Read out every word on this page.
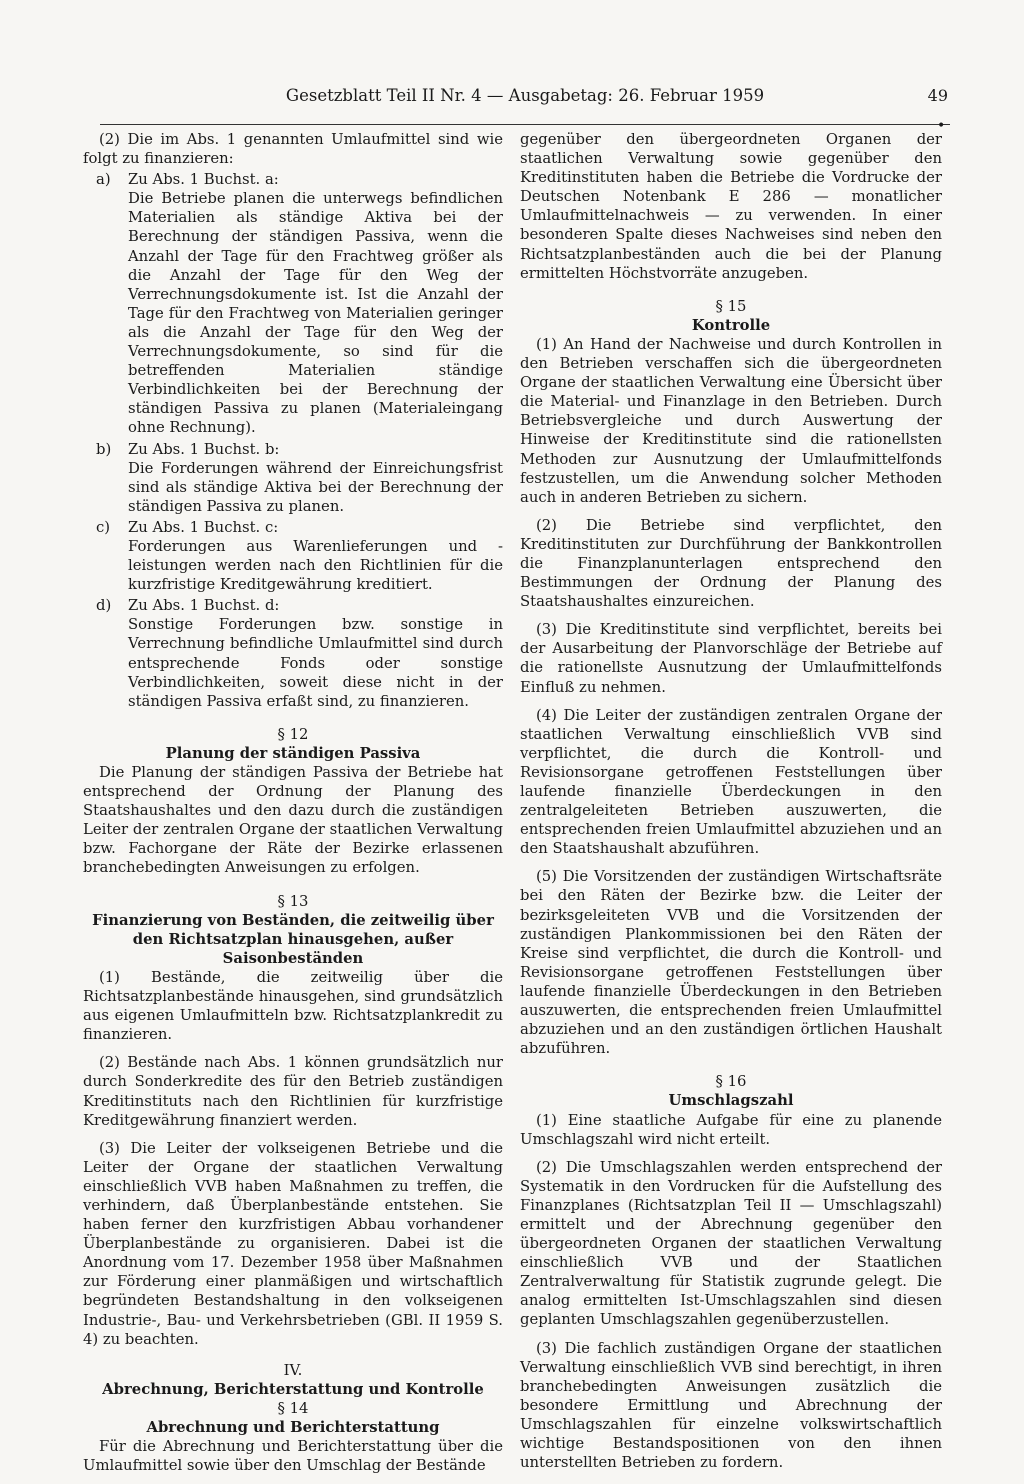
Gesetzblatt Teil II Nr. 4 — Ausgabetag: 26. Februar 1959	49
•

(2) Die im Abs. 1 genannten Umlaufmittel sind wie folgt zu finanzieren:

a)	Zu Abs. 1 Buchst. a:

Die Betriebe planen die unterwegs befindlichen Materialien als ständige Aktiva bei der Berechnung der ständigen Passiva, wenn die Anzahl der Tage für den Frachtweg größer als die Anzahl der Tage für den Weg der Verrechnungsdokumente ist. Ist die Anzahl der Tage für den Frachtweg von Materialien geringer als die Anzahl der Tage für den Weg der Verrechnungsdokumente, so sind für die betreffenden Materialien ständige Verbindlichkeiten bei der Berechnung der ständigen Passiva zu planen (Materialeingang ohne Rechnung).

b)	Zu Abs. 1 Buchst. b:

Die Forderungen während der Einreichungsfrist sind als ständige Aktiva bei der Berechnung der ständigen Passiva zu planen.

c)	Zu Abs. 1 Buchst. c:

Forderungen aus Warenlieferungen und -leistungen werden nach den Richtlinien für die kurzfristige Kreditgewährung kreditiert.

d)	Zu Abs. 1 Buchst. d:

Sonstige Forderungen bzw. sonstige in Verrechnung befindliche Umlaufmittel sind durch entsprechende Fonds oder sonstige Verbindlichkeiten, soweit diese nicht in der ständigen Passiva erfaßt sind, zu finanzieren.

§ 12

Planung der ständigen Passiva

Die Planung der ständigen Passiva der Betriebe hat entsprechend der Ordnung der Planung des Staatshaushaltes und den dazu durch die zuständigen Leiter der zentralen Organe der staatlichen Verwaltung bzw. Fachorgane der Räte der Bezirke erlassenen branchebedingten Anweisungen zu erfolgen.

§ 13

Finanzierung von Beständen, die zeitweilig über den Richtsatzplan hinausgehen, außer Saisonbeständen

(1) Bestände, die zeitweilig über die Richtsatzplanbestände hinausgehen, sind grundsätzlich aus eigenen Umlaufmitteln bzw. Richtsatzplankredit zu finanzieren.

(2) Bestände nach Abs. 1 können grundsätzlich nur durch Sonderkredite des für den Betrieb zuständigen Kreditinstituts nach den Richtlinien für kurzfristige Kreditgewährung finanziert werden.

(3) Die Leiter der volkseigenen Betriebe und die Leiter der Organe der staatlichen Verwaltung einschließlich VVB haben Maßnahmen zu treffen, die verhindern, daß Überplanbestände entstehen. Sie haben ferner den kurzfristigen Abbau vorhandener Überplanbestände zu organisieren. Dabei ist die Anordnung vom 17. Dezember 1958 über Maßnahmen zur Förderung einer planmäßigen und wirtschaftlich begründeten Bestandshaltung in den volkseigenen Industrie-, Bau- und Verkehrsbetrieben (GBl. II 1959 S. 4) zu beachten.

IV.

Abrechnung, Berichterstattung und Kontrolle

§ 14

Abrechnung und Berichterstattung

Für die Abrechnung und Berichterstattung über die Umlaufmittel sowie über den Umschlag der Bestände

gegenüber den übergeordneten Organen der staatlichen Verwaltung sowie gegenüber den Kreditinstituten haben die Betriebe die Vordrucke der Deutschen Notenbank E 286 — monatlicher Umlaufmittelnachweis — zu verwenden. In einer besonderen Spalte dieses Nachweises sind neben den Richtsatzplanbeständen auch die bei der Planung ermittelten Höchstvorräte anzugeben.

§ 15

Kontrolle

(1) An Hand der Nachweise und durch Kontrollen in den Betrieben verschaffen sich die übergeordneten Organe der staatlichen Verwaltung eine Übersicht über die Material- und Finanzlage in den Betrieben. Durch Betriebsvergleiche und durch Auswertung der Hinweise der Kreditinstitute sind die rationellsten Methoden zur Ausnutzung der Umlaufmittelfonds festzustellen, um die Anwendung solcher Methoden auch in anderen Betrieben zu sichern.

(2) Die Betriebe sind verpflichtet, den Kreditinstituten zur Durchführung der Bankkontrollen die Finanzplanunterlagen entsprechend den Bestimmungen der Ordnung der Planung des Staatshaushaltes einzureichen.

(3) Die Kreditinstitute sind verpflichtet, bereits bei der Ausarbeitung der Planvorschläge der Betriebe auf die rationellste Ausnutzung der Umlaufmittelfonds Einfluß zu nehmen.

(4) Die Leiter der zuständigen zentralen Organe der staatlichen Verwaltung einschließlich VVB sind verpflichtet, die durch die Kontroll- und Revisionsorgane getroffenen Feststellungen über laufende finanzielle Überdeckungen in den zentralgeleiteten Betrieben auszuwerten, die entsprechenden freien Umlaufmittel abzuziehen und an den Staatshaushalt abzuführen.

(5) Die Vorsitzenden der zuständigen Wirtschaftsräte bei den Räten der Bezirke bzw. die Leiter der bezirksgeleiteten VVB und die Vorsitzenden der zuständigen Plankommissionen bei den Räten der Kreise sind verpflichtet, die durch die Kontroll- und Revisionsorgane getroffenen Feststellungen über laufende finanzielle Überdeckungen in den Betrieben auszuwerten, die entsprechenden freien Umlaufmittel abzuziehen und an den zuständigen örtlichen Haushalt abzuführen.

§ 16

Umschlagszahl

(1) Eine staatliche Aufgabe für eine zu planende Umschlagszahl wird nicht erteilt.

(2) Die Umschlagszahlen werden entsprechend der Systematik in den Vordrucken für die Aufstellung des Finanzplanes (Richtsatzplan Teil II — Umschlagszahl) ermittelt und der Abrechnung gegenüber den übergeordneten Organen der staatlichen Verwaltung einschließlich VVB und der Staatlichen Zentralverwaltung für Statistik zugrunde gelegt. Die analog ermittelten Ist-Umschlagszahlen sind diesen geplanten Umschlagszahlen gegenüberzustellen.

(3) Die fachlich zuständigen Organe der staatlichen Verwaltung einschließlich VVB sind berechtigt, in ihren branchebedingten Anweisungen zusätzlich die besondere Ermittlung und Abrechnung der Umschlagszahlen für einzelne volkswirtschaftlich wichtige Bestandspositionen von den ihnen unterstellten Betrieben zu fordern.
